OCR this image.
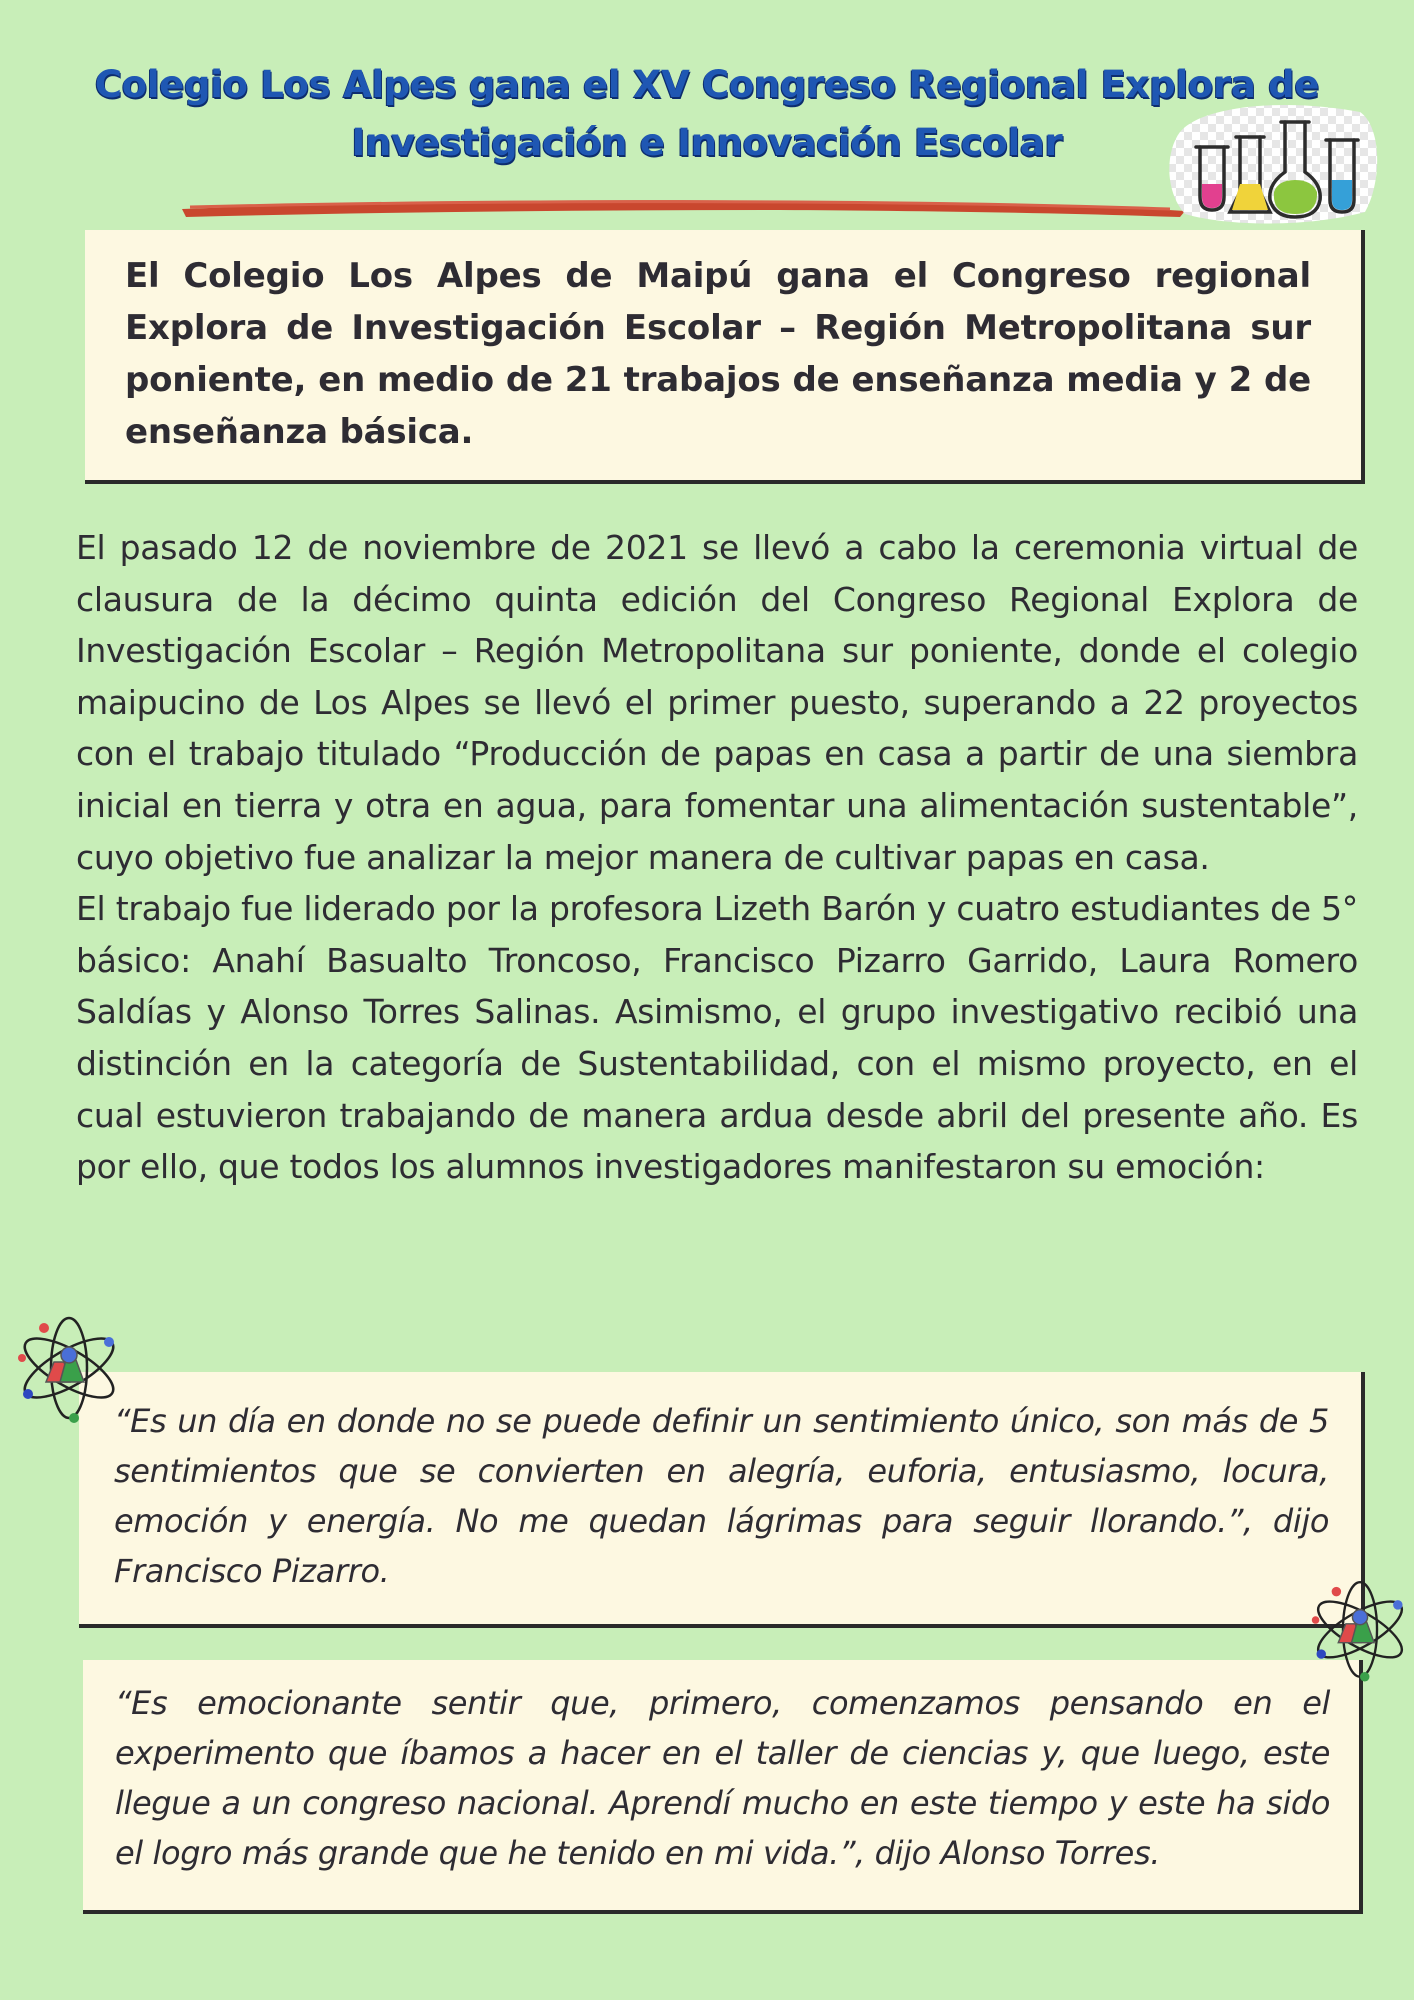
Colegio Los Alpes gana el XV Congreso Regional Explora de
Investigación e Innovación Escolar

El Colegio Los Alpes de Maipú gana el Congreso regional Explora de Investigación Escolar – Región Metropolitana sur poniente, en medio de 21 trabajos de enseñanza media y 2 de enseñanza básica.

El pasado 12 de noviembre de 2021 se llevó a cabo la ceremonia virtual de clausura de la décimo quinta edición del Congreso Regional Explora de Investigación Escolar – Región Metropolitana sur poniente, donde el colegio maipucino de Los Alpes se llevó el primer puesto, superando a 22 proyectos con el trabajo titulado “Producción de papas en casa a partir de una siembra inicial en tierra y otra en agua, para fomentar una alimentación sustentable”, cuyo objetivo fue analizar la mejor manera de cultivar papas en casa.

El trabajo fue liderado por la profesora Lizeth Barón y cuatro estudiantes de 5° básico: Anahí Basualto Troncoso, Francisco Pizarro Garrido, Laura Romero Saldías y Alonso Torres Salinas. Asimismo, el grupo investigativo recibió una distinción en la categoría de Sustentabilidad, con el mismo proyecto, en el cual estuvieron trabajando de manera ardua desde abril del presente año. Es por ello, que todos los alumnos investigadores manifestaron su emoción:

“Es un día en donde no se puede definir un sentimiento único, son más de 5 sentimientos que se convierten en alegría, euforia, entusiasmo, locura, emoción y energía. No me quedan lágrimas para seguir llorando.”, dijo Francisco Pizarro.

“Es emocionante sentir que, primero, comenzamos pensando en el experimento que íbamos a hacer en el taller de ciencias y, que luego, este llegue a un congreso nacional. Aprendí mucho en este tiempo y este ha sido el logro más grande que he tenido en mi vida.”, dijo Alonso Torres.
